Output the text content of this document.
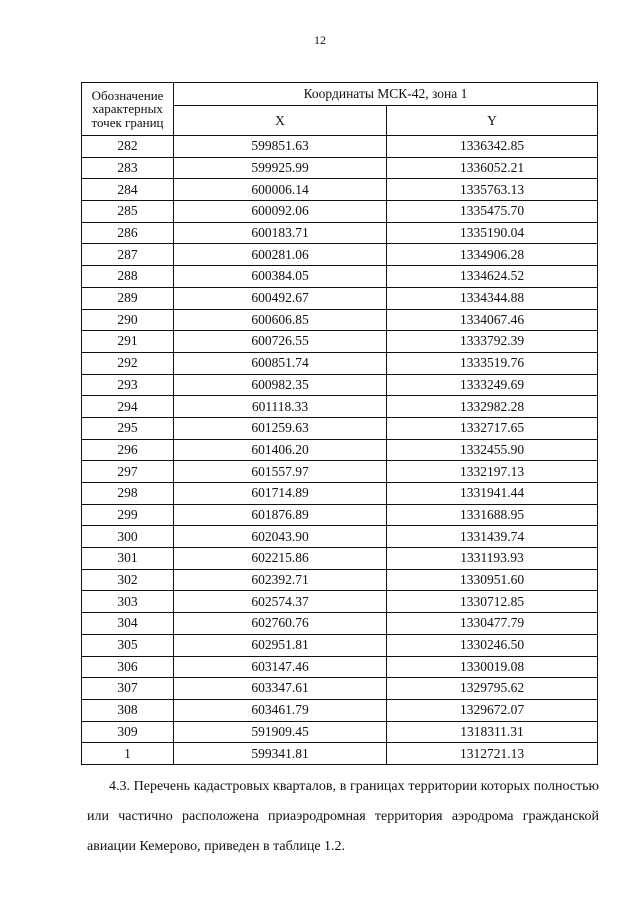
12
Обозначение характерных точек границ	Координаты МСК-42, зона 1	
	X	Y
282	599851.63	1336342.85
283	599925.99	1336052.21
284	600006.14	1335763.13
285	600092.06	1335475.70
286	600183.71	1335190.04
287	600281.06	1334906.28
288	600384.05	1334624.52
289	600492.67	1334344.88
290	600606.85	1334067.46
291	600726.55	1333792.39
292	600851.74	1333519.76
293	600982.35	1333249.69
294	601118.33	1332982.28
295	601259.63	1332717.65
296	601406.20	1332455.90
297	601557.97	1332197.13
298	601714.89	1331941.44
299	601876.89	1331688.95
300	602043.90	1331439.74
301	602215.86	1331193.93
302	602392.71	1330951.60
303	602574.37	1330712.85
304	602760.76	1330477.79
305	602951.81	1330246.50
306	603147.46	1330019.08
307	603347.61	1329795.62
308	603461.79	1329672.07
309	591909.45	1318311.31
1	599341.81	1312721.13

4.3. Перечень кадастровых кварталов, в границах территории которых полностью или частично расположена приаэродромная территория аэродрома гражданской авиации Кемерово, приведен в таблице 1.2.
